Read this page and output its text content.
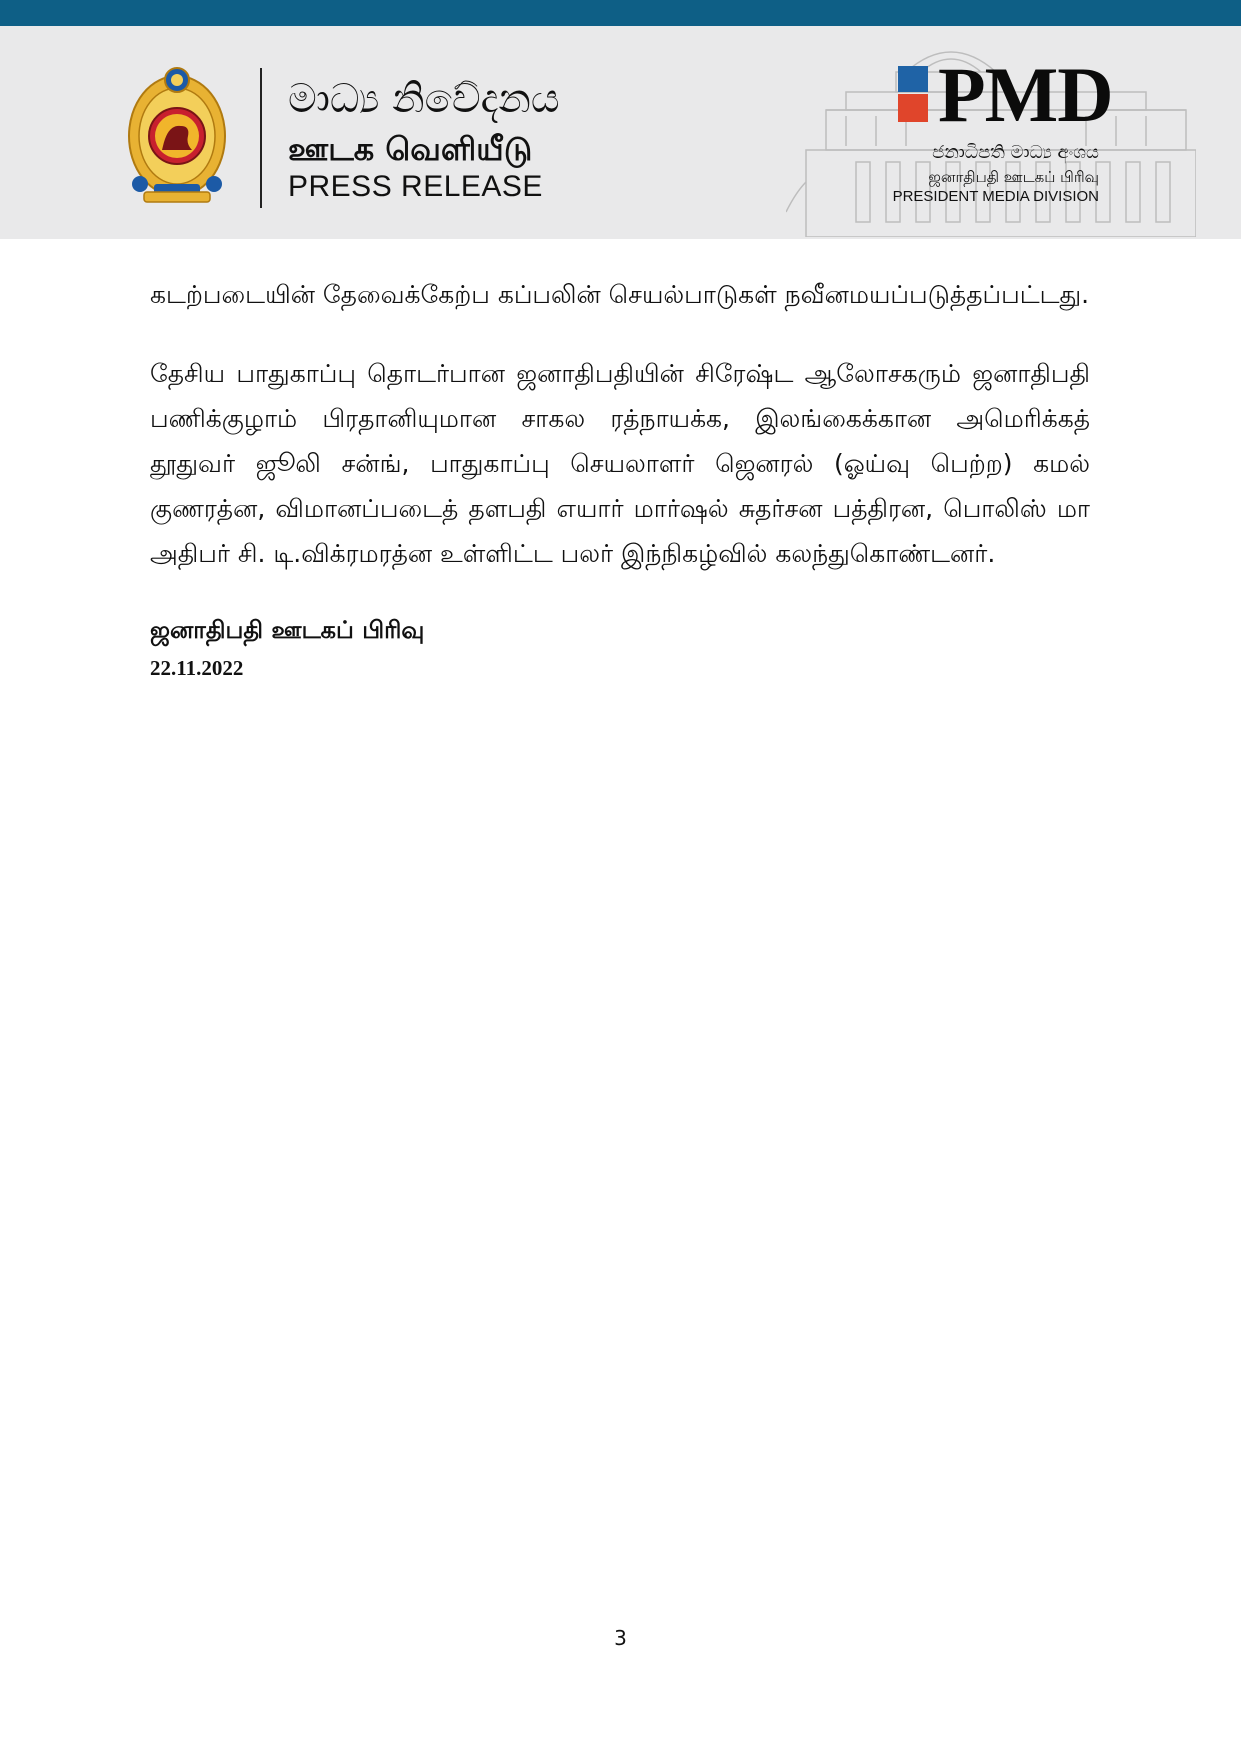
මාධ්‍ය නිවේදනය
ஊடக வெளியீடு
PRESS RELEASE
PMD
ජනාධිපති මාධ්‍ය අංශය
ஜனாதிபதி ஊடகப் பிரிவு
PRESIDENT MEDIA DIVISION

கடற்படையின் தேவைக்கேற்ப கப்பலின் செயல்பாடுகள் நவீனமயப்படுத்தப்பட்டது.

தேசிய பாதுகாப்பு தொடர்பான ஜனாதிபதியின் சிரேஷ்ட ஆலோசகரும் ஜனாதிபதி பணிக்குழாம் பிரதானியுமான சாகல ரத்நாயக்க, இலங்கைக்கான அமெரிக்கத் தூதுவர் ஜூலி சன்ங், பாதுகாப்பு செயலாளர் ஜெனரல் (ஓய்வு பெற்ற) கமல் குணரத்ன, விமானப்படைத் தளபதி எயார் மார்ஷல் சுதர்சன பத்திரன, பொலிஸ் மா அதிபர் சி. டி.விக்ரமரத்ன உள்ளிட்ட பலர் இந்நிகழ்வில் கலந்துகொண்டனர்.

ஜனாதிபதி ஊடகப் பிரிவு

22.11.2022

3
